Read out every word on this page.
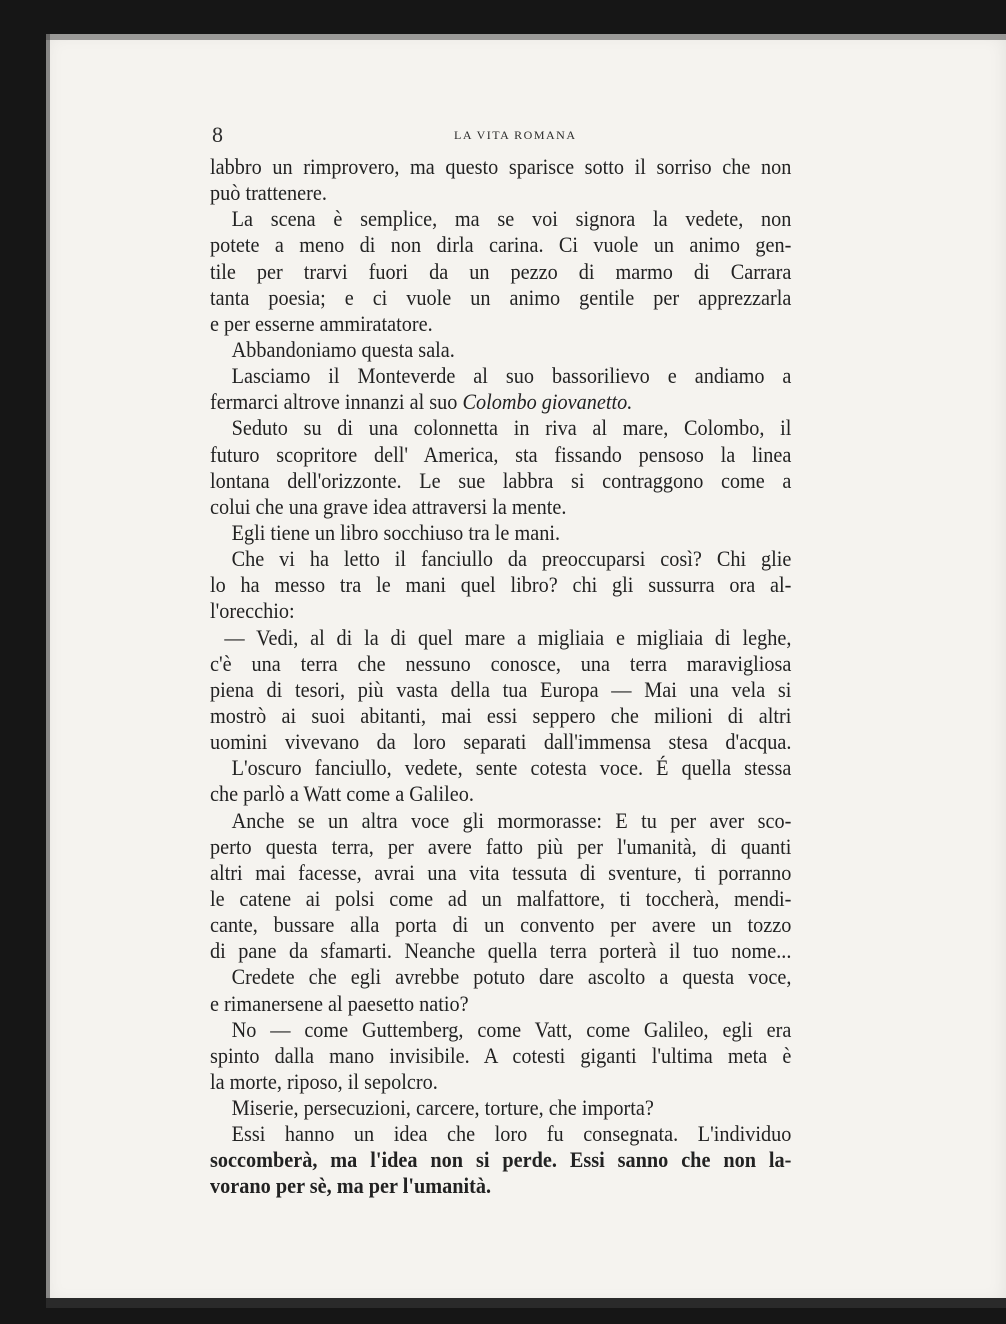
8	LA VITA ROMANA
labbro un rimprovero, ma questo sparisce sotto il sorriso che non
può trattenere.
La scena è semplice, ma se voi signora la vedete, non
potete a meno di non dirla carina. Ci vuole un animo gen-
tile per trarvi fuori da un pezzo di marmo di Carrara
tanta poesia; e ci vuole un animo gentile per apprezzarla
e per esserne ammiratatore.
Abbandoniamo questa sala.
Lasciamo il Monteverde al suo bassorilievo e andiamo a
fermarci altrove innanzi al suo Colombo giovanetto.
Seduto su di una colonnetta in riva al mare, Colombo, il
futuro scopritore dell' America, sta fissando pensoso la linea
lontana dell'orizzonte. Le sue labbra si contraggono come a
colui che una grave idea attraversi la mente.
Egli tiene un libro socchiuso tra le mani.
Che vi ha letto il fanciullo da preoccuparsi così? Chi glie
lo ha messo tra le mani quel libro? chi gli sussurra ora al-
l'orecchio:
— Vedi, al di la di quel mare a migliaia e migliaia di leghe,
c'è una terra che nessuno conosce, una terra maravigliosa
piena di tesori, più vasta della tua Europa — Mai una vela si
mostrò ai suoi abitanti, mai essi seppero che milioni di altri
uomini vivevano da loro separati dall'immensa stesa d'acqua.
L'oscuro fanciullo, vedete, sente cotesta voce. É quella stessa
che parlò a Watt come a Galileo.
Anche se un altra voce gli mormorasse: E tu per aver sco-
perto questa terra, per avere fatto più per l'umanità, di quanti
altri mai facesse, avrai una vita tessuta di sventure, ti porranno
le catene ai polsi come ad un malfattore, ti toccherà, mendi-
cante, bussare alla porta di un convento per avere un tozzo
di pane da sfamarti. Neanche quella terra porterà il tuo nome...
Credete che egli avrebbe potuto dare ascolto a questa voce,
e rimanersene al paesetto natio?
No — come Guttemberg, come Vatt, come Galileo, egli era
spinto dalla mano invisibile. A cotesti giganti l'ultima meta è
la morte, riposo, il sepolcro.
Miserie, persecuzioni, carcere, torture, che importa?
Essi hanno un idea che loro fu consegnata. L'individuo
soccomberà, ma l'idea non si perde. Essi sanno che non la-
vorano per sè, ma per l'umanità.
